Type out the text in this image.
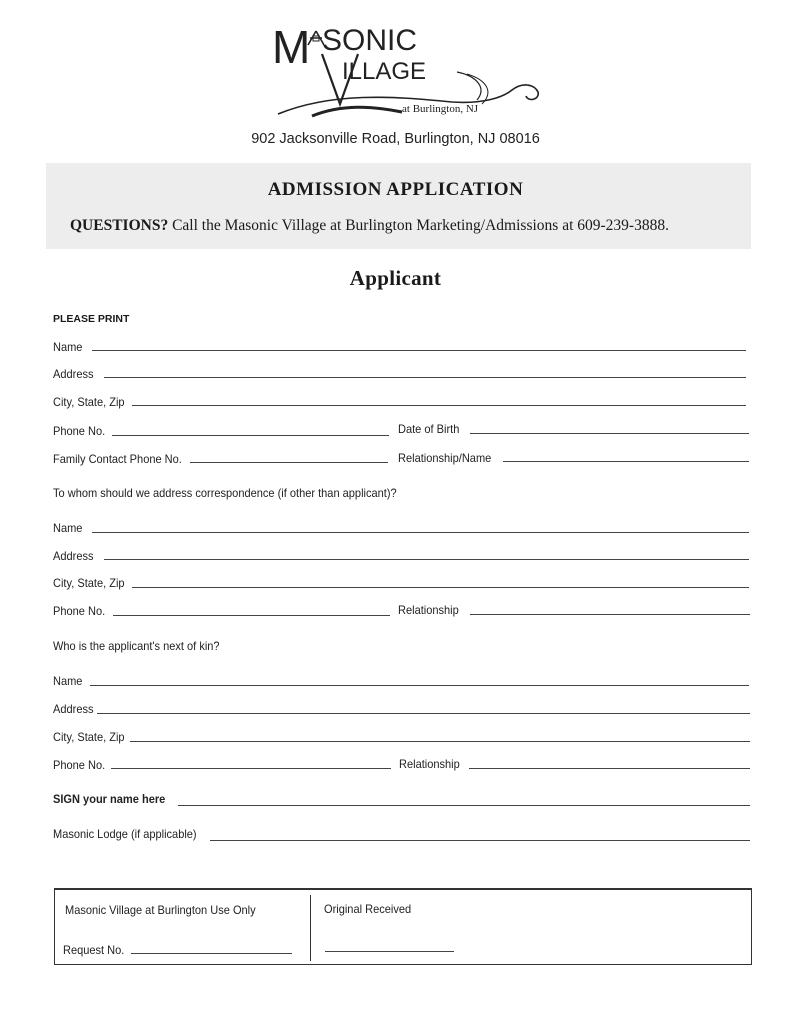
M SONIC
ILLAGE
at Burlington, NJ
902 Jacksonville Road, Burlington, NJ 08016
ADMISSION APPLICATION
QUESTIONS? Call the Masonic Village at Burlington Marketing/Admissions at 609-239-3888.
Applicant
PLEASE PRINT
Name
Address
City, State, Zip
Phone No.	Date of Birth
Family Contact Phone No.	Relationship/Name
To whom should we address correspondence (if other than applicant)?
Name
Address
City, State, Zip
Phone No.	Relationship
Who is the applicant's next of kin?
Name
Address
City, State, Zip
Phone No.	Relationship
SIGN your name here
Masonic Lodge (if applicable)
Masonic Village at Burlington Use Only
Request No.
Original Received
